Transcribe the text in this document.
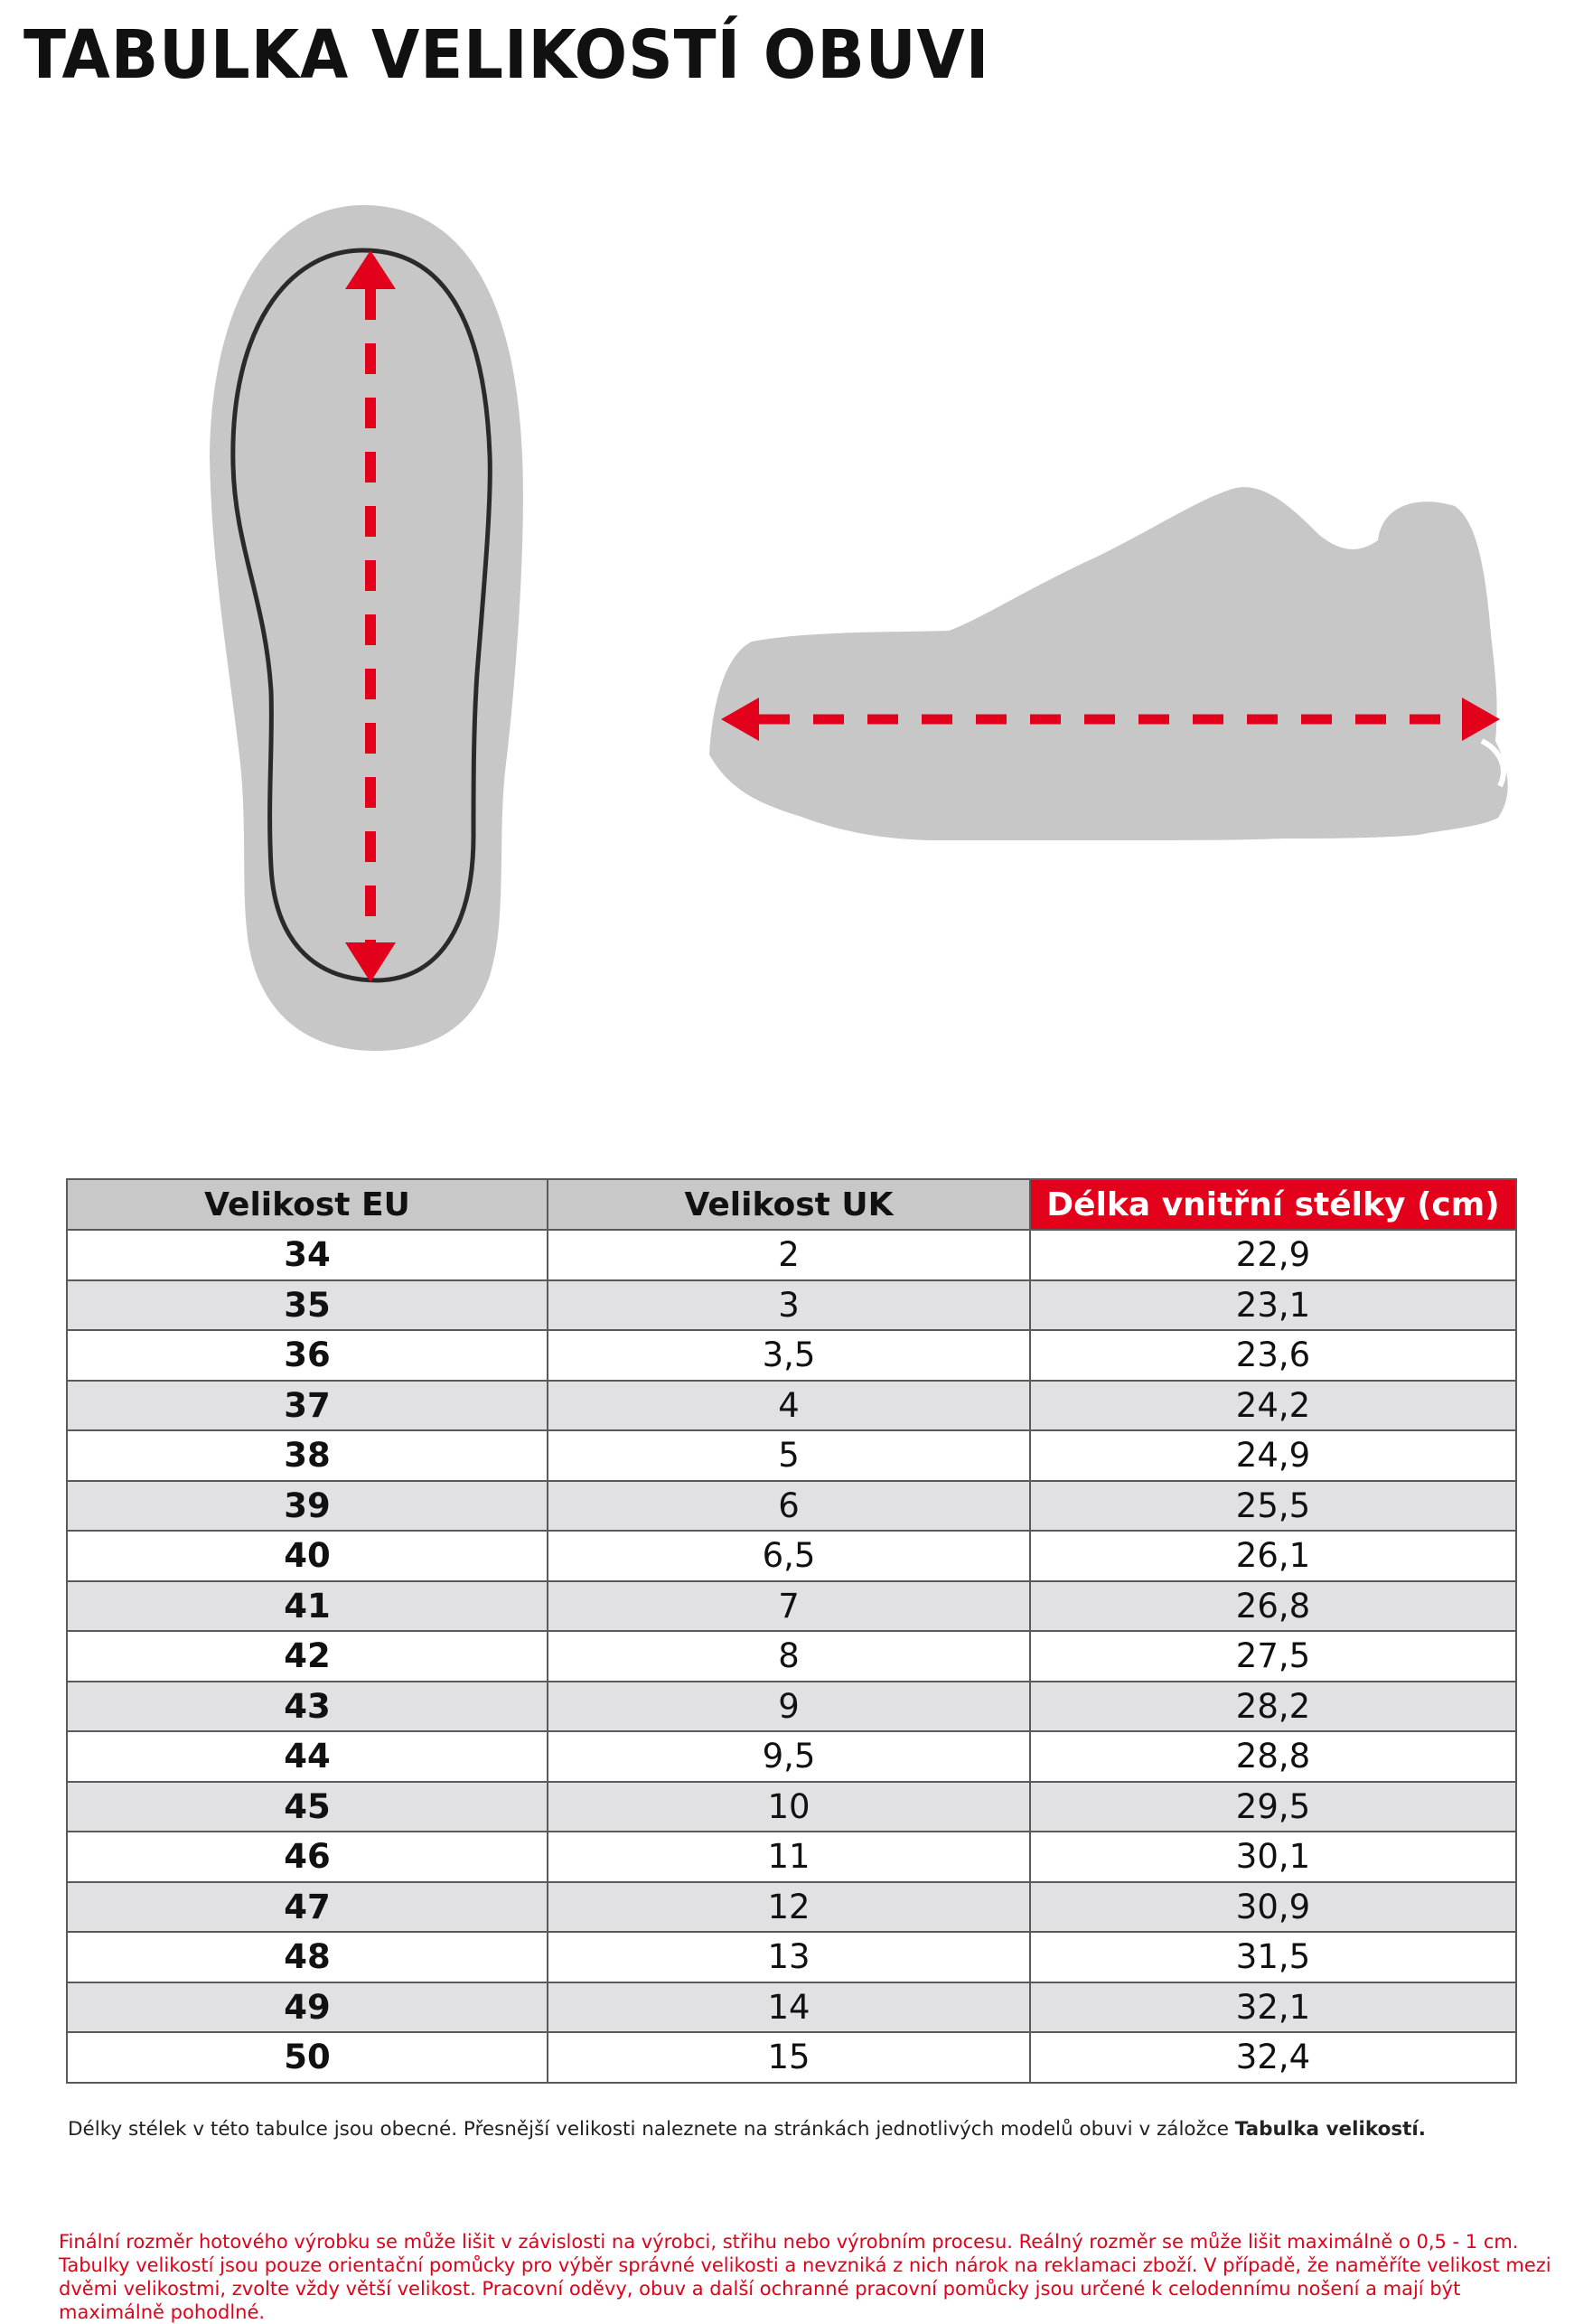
TABULKA VELIKOSTÍ OBUVI
Velikost EU	Velikost UK	Délka vnitřní stélky (cm)
34	2	22,9
35	3	23,1
36	3,5	23,6
37	4	24,2
38	5	24,9
39	6	25,5
40	6,5	26,1
41	7	26,8
42	8	27,5
43	9	28,2
44	9,5	28,8
45	10	29,5
46	11	30,1
47	12	30,9
48	13	31,5
49	14	32,1
50	15	32,4
Délky stélek v této tabulce jsou obecné. Přesnější velikosti naleznete na stránkách jednotlivých modelů obuvi v záložce Tabulka velikostí.

Finální rozměr hotového výrobku se může lišit v závislosti na výrobci, střihu nebo výrobním procesu. Reálný rozměr se může lišit maximálně o 0,5 - 1 cm.

Tabulky velikostí jsou pouze orientační pomůcky pro výběr správné velikosti a nevzniká z nich nárok na reklamaci zboží. V případě, že naměříte velikost mezi dvěmi velikostmi, zvolte vždy větší velikost. Pracovní oděvy, obuv a další ochranné pracovní pomůcky jsou určené k celodennímu nošení a mají být maximálně pohodlné.
